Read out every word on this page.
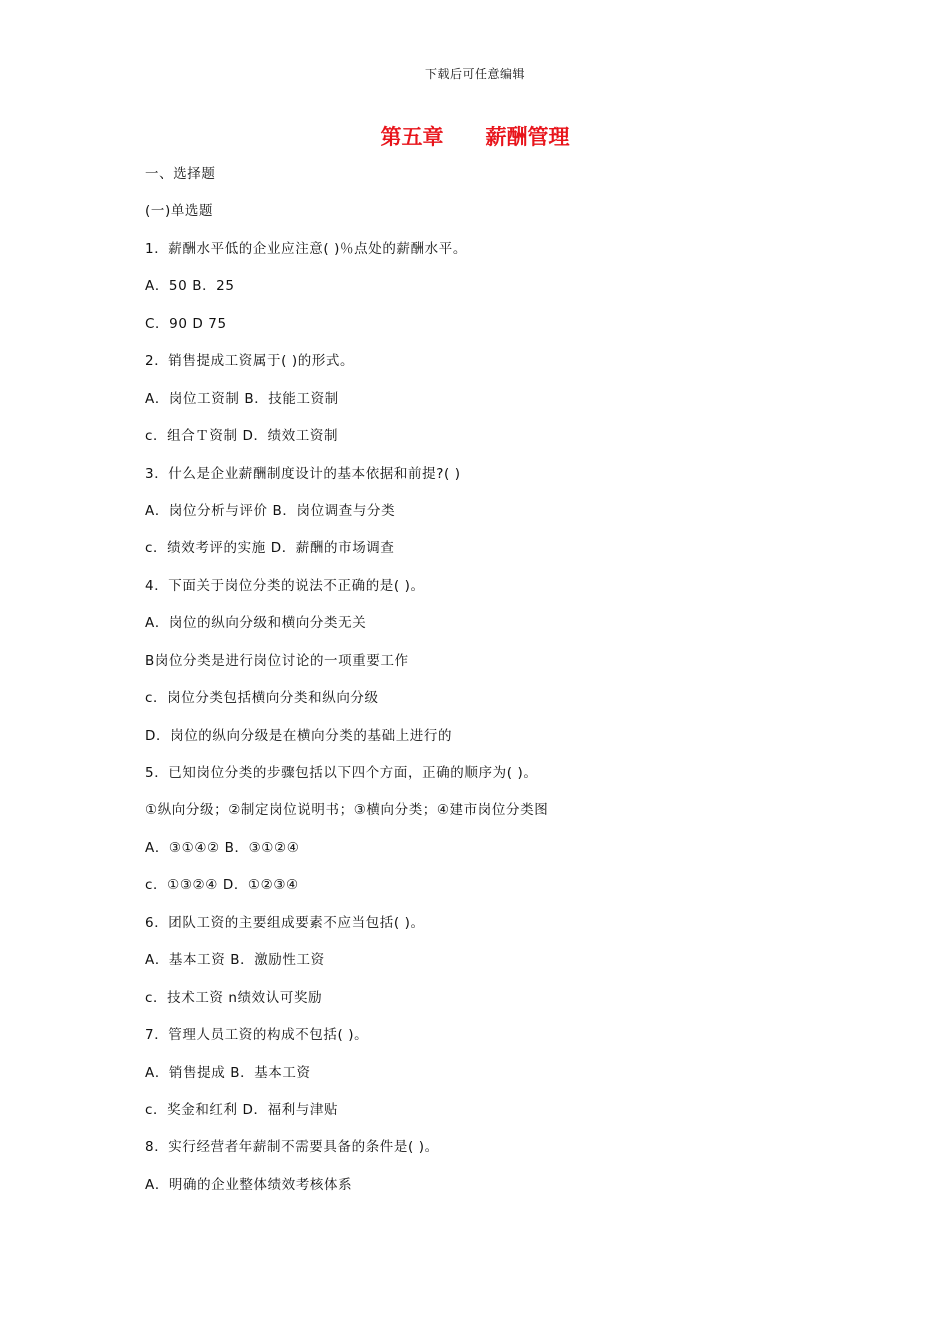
下载后可任意编辑
第五章 薪酬管理
一、选择题
(一)单选题
1．薪酬水平低的企业应注意( )％点处的薪酬水平。
A．50 B．25
C．90 D 75
2．销售提成工资属于( )的形式。
A．岗位工资制 B．技能工资制
c．组合Ｔ资制 D．绩效工资制
3．什么是企业薪酬制度设计的基本依据和前提?( )
A．岗位分析与评价 B．岗位调查与分类
c．绩效考评的实施 D．薪酬的市场调查
4．下面关于岗位分类的说法不正确的是( )。
A．岗位的纵向分级和横向分类无关
B岗位分类是进行岗位讨论的一项重要工作
c．岗位分类包括横向分类和纵向分级
D．岗位的纵向分级是在横向分类的基础上进行的
5．已知岗位分类的步骤包括以下四个方面，正确的顺序为( )。
①纵向分级；②制定岗位说明书；③横向分类；④建市岗位分类图
A．③①④② B．③①②④
c．①③②④ D．①②③④
6．团队工资的主要组成要素不应当包括( )。
A．基本工资 B．激励性工资
c．技术工资 n绩效认可奖励
7．管理人员工资的构成不包括( )。
A．销售提成 B．基本工资
c．奖金和红利 D．福利与津贴
8．实行经营者年薪制不需要具备的条件是( )。
A．明确的企业整体绩效考核体系
